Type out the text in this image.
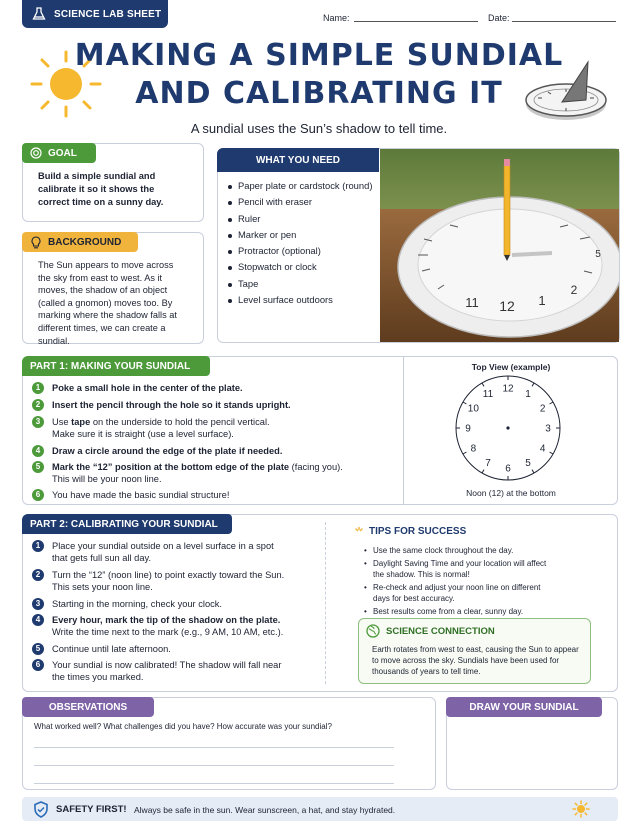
SCIENCE LAB SHEET	Name:	Date:
MAKING A SIMPLE SUNDIAL
AND CALIBRATING IT
A sundial uses the Sun’s shadow to tell time.
GOAL
Build a simple sundial and calibrate it so it shows the correct time on a sunny day.
BACKGROUND
The Sun appears to move across the sky from east to west. As it moves, the shadow of an object (called a gnomon) moves too. By marking where the shadow falls at different times, we can create a sundial.
WHAT YOU NEED
Paper plate or cardstock (round)
Pencil with eraser
Ruler
Marker or pen
Protractor (optional)
Stopwatch or clock
Tape
Level surface outdoors	12
11	1
2
5
PART 1: MAKING YOUR SUNDIAL
1	Poke a small hole in the center of the plate.
2	Insert the pencil through the hole so it stands upright.
3	Use tape on the underside to hold the pencil vertical.
Make sure it is straight (use a level surface).
4	Draw a circle around the edge of the plate if needed.
5	Mark the “12” position at the bottom edge of the plate (facing you).
This will be your noon line.
6	You have made the basic sundial structure!
Top View (example)
12 1
2
3
4
5
6
7
8
9
10
11
Noon (12) at the bottom
PART 2: CALIBRATING YOUR SUNDIAL
1	Place your sundial outside on a level surface in a spot
that gets full sun all day.
2	Turn the “12” (noon line) to point exactly toward the Sun.
This sets your noon line.
3	Starting in the morning, check your clock.
4	Every hour, mark the tip of the shadow on the plate.
Write the time next to the mark (e.g., 9 AM, 10 AM, etc.).
5	Continue until late afternoon.
6	Your sundial is now calibrated! The shadow will fall near
the times you marked.
TIPS FOR SUCCESS
• Use the same clock throughout the day.
• Daylight Saving Time and your location will affect the shadow. This is normal!
• Re-check and adjust your noon line on different days for best accuracy.
• Best results come from a clear, sunny day.
SCIENCE CONNECTION
Earth rotates from west to east, causing the Sun to appear to move across the sky. Sundials have been used for thousands of years to tell time.
OBSERVATIONS
What worked well? What challenges did you have? How accurate was your sundial?
DRAW YOUR SUNDIAL
SAFETY FIRST! Always be safe in the sun. Wear sunscreen, a hat, and stay hydrated.
